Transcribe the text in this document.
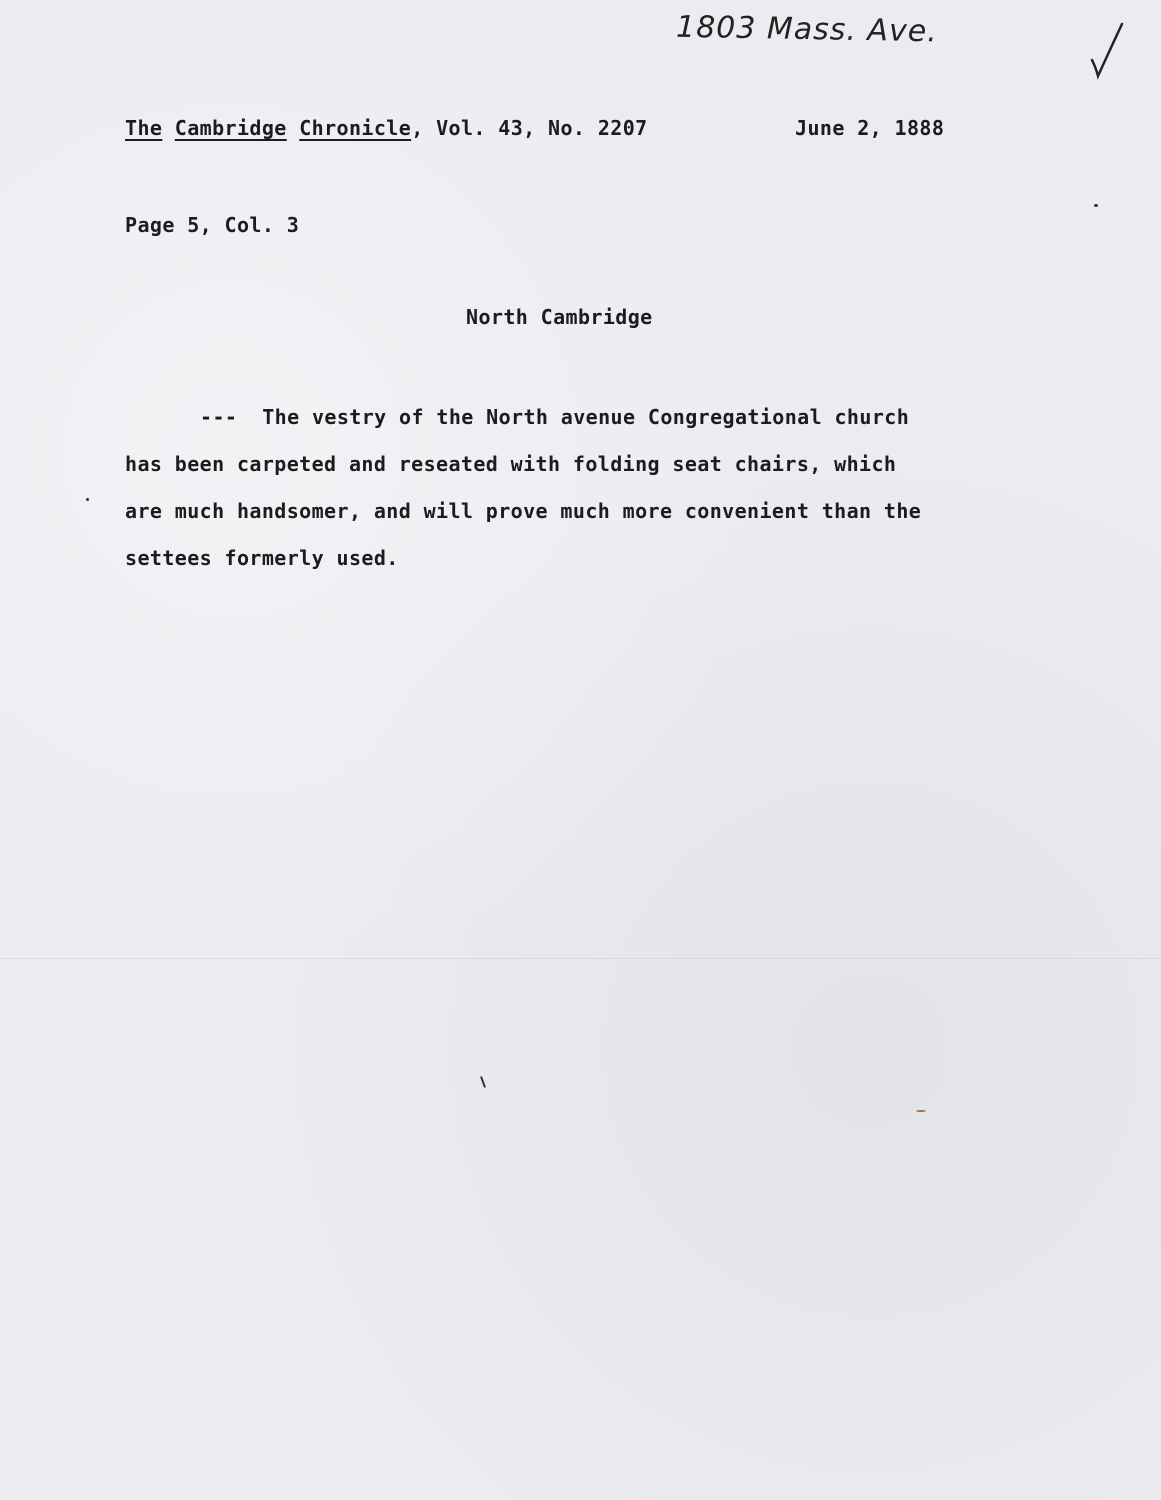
1803 Mass. Ave.
The Cambridge Chronicle, Vol. 43, No. 2207	June 2, 1888
Page 5, Col. 3
North Cambridge
---  The vestry of the North avenue Congregational church
has been carpeted and reseated with folding seat chairs, which
are much handsomer, and will prove much more convenient than the
settees formerly used.
